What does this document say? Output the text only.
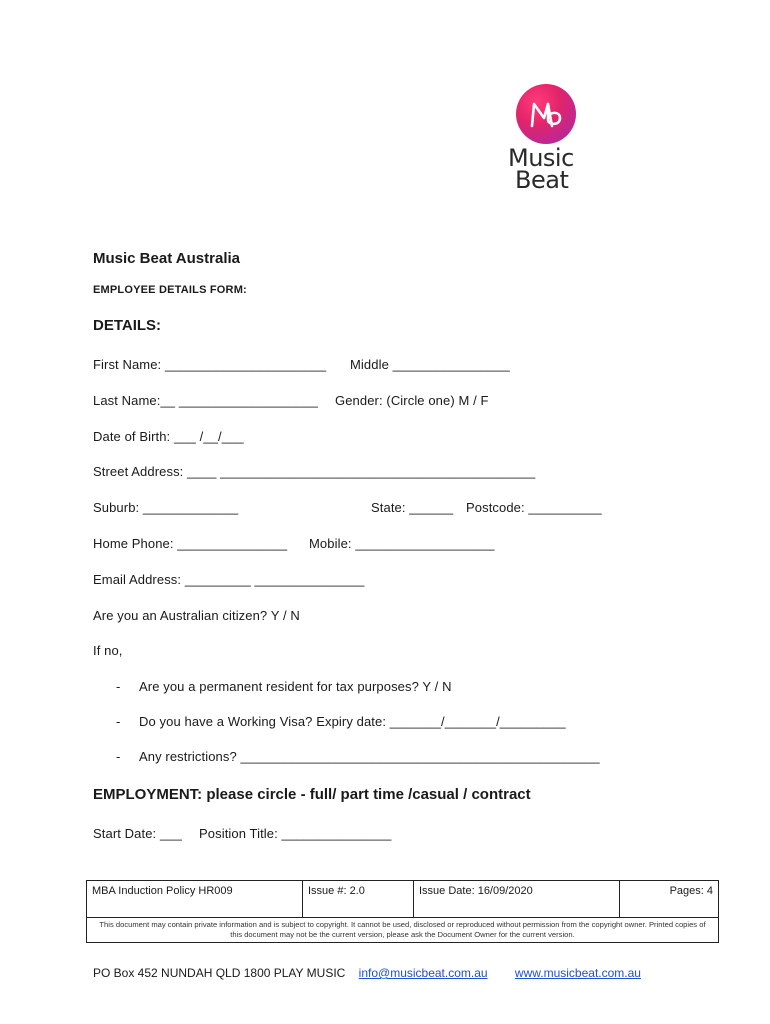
Music
Beat
Music Beat Australia
EMPLOYEE DETAILS FORM:
DETAILS:
First Name: ______________________ Middle ________________
Last Name:__ ___________________ Gender: (Circle one) M / F
Date of Birth: ___ /__/___
Street Address: ____ ___________________________________________
Suburb: _____________	State: ______ Postcode: __________
Home Phone: _______________ Mobile: ___________________
Email Address: _________ _______________
Are you an Australian citizen? Y / N
If no,
- Are you a permanent resident for tax purposes? Y / N
- Do you have a Working Visa? Expiry date: _______/_______/_________
- Any restrictions? _________________________________________________
EMPLOYMENT: please circle - full/ part time /casual / contract
Start Date: ___ Position Title: _______________
MBA Induction Policy HR009	Issue #: 2.0	Issue Date: 16/09/2020	Pages: 4
This document may contain private information and is subject to copyright. It cannot be used, disclosed or reproduced without permission from the copyright owner. Printed copies of this document may not be the current version, please ask the Document Owner for the current version.
PO Box 452 NUNDAH QLD 1800 PLAY MUSIC info@musicbeat.com.au www.musicbeat.com.au
